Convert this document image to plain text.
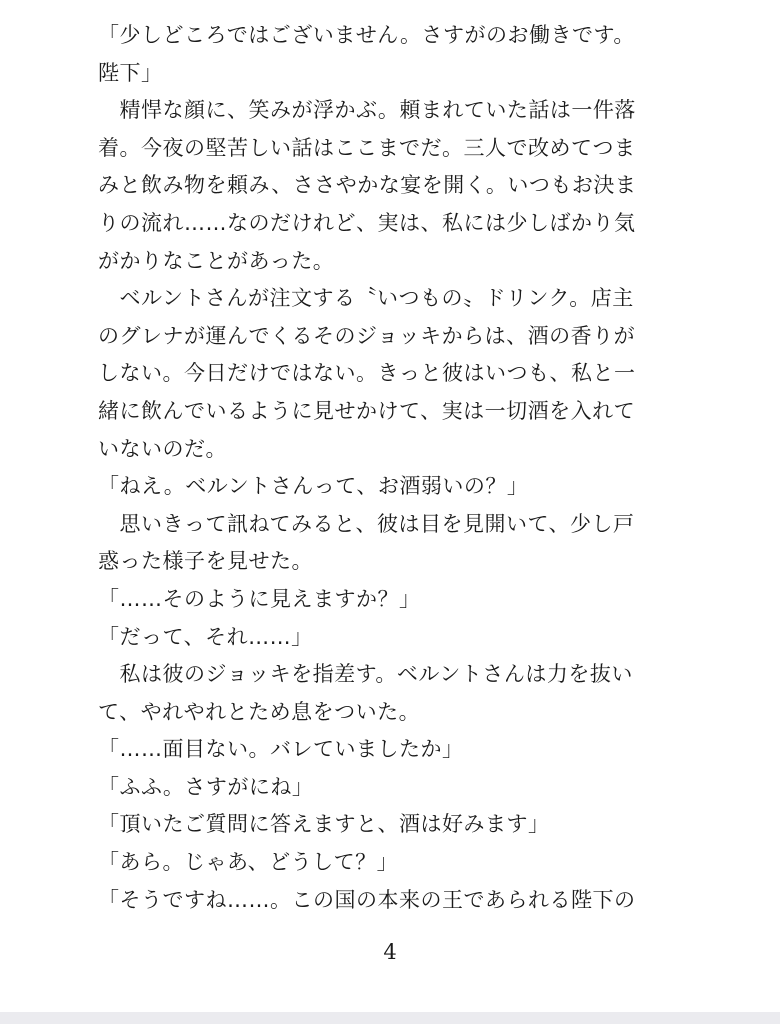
「少しどころではございません。さすがのお働きです。
陛下」
　精悍な顔に、笑みが浮かぶ。頼まれていた話は一件落
着。今夜の堅苦しい話はここまでだ。三人で改めてつま
みと飲み物を頼み、ささやかな宴を開く。いつもお決ま
りの流れ……なのだけれど、実は、私には少しばかり気
がかりなことがあった。
　ベルントさんが注文する〝いつもの〟ドリンク。店主
のグレナが運んでくるそのジョッキからは、酒の香りが
しない。今日だけではない。きっと彼はいつも、私と一
緒に飲んでいるように見せかけて、実は一切酒を入れて
いないのだ。
「ねえ。ベルントさんって、お酒弱いの？」
　思いきって訊ねてみると、彼は目を見開いて、少し戸
惑った様子を見せた。
「……そのように見えますか？」
「だって、それ……」
　私は彼のジョッキを指差す。ベルントさんは力を抜い
て、やれやれとため息をついた。
「……面目ない。バレていましたか」
「ふふ。さすがにね」
「頂いたご質問に答えますと、酒は好みます」
「あら。じゃあ、どうして？」
「そうですね……。この国の本来の王であられる陛下の
4
